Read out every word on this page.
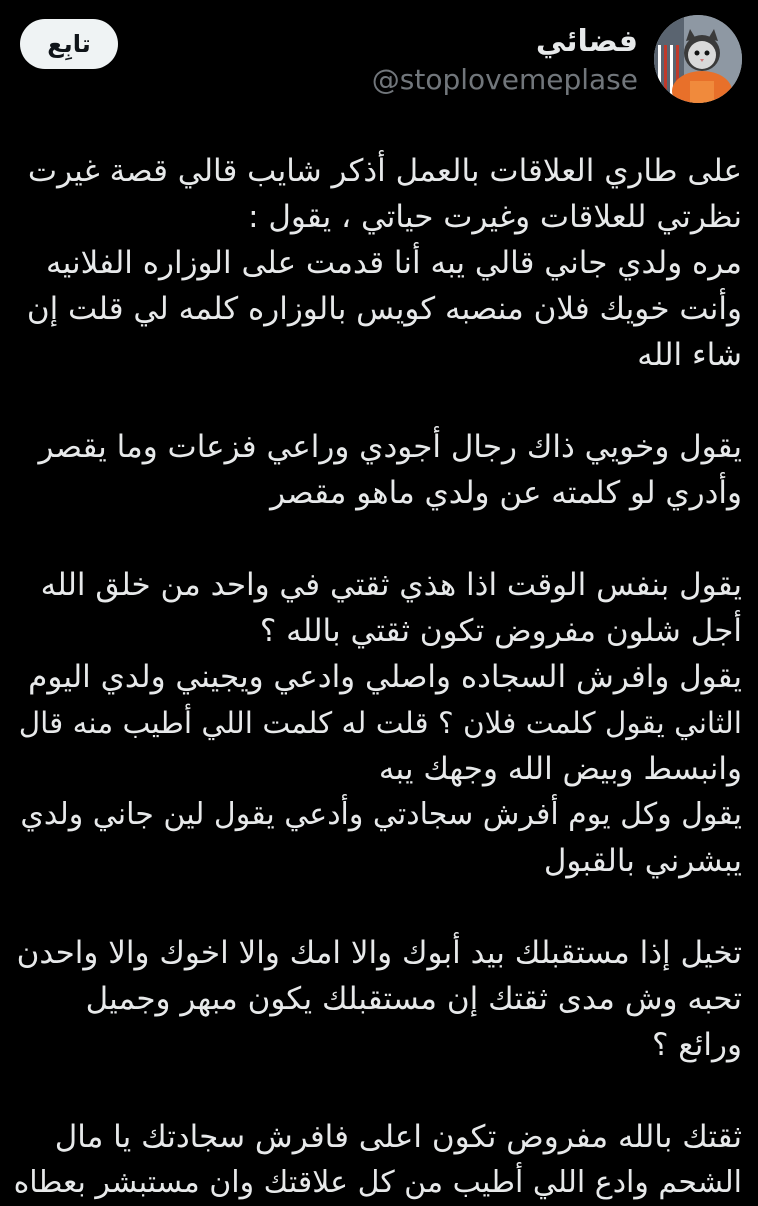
فضائي
@stoplovemeplase
تابِع
على طاري العلاقات بالعمل أذكر شايب قالي قصة غيرت
نظرتي للعلاقات وغيرت حياتي ، يقول :
مره ولدي جاني قالي يبه أنا قدمت على الوزاره الفلانيه
وأنت خويك فلان منصبه كويس بالوزاره كلمه لي قلت إن
شاء الله
يقول وخويي ذاك رجال أجودي وراعي فزعات وما يقصر
وأدري لو كلمته عن ولدي ماهو مقصر
يقول بنفس الوقت اذا هذي ثقتي في واحد من خلق الله
أجل شلون مفروض تكون ثقتي بالله ؟
يقول وافرش السجاده واصلي وادعي ويجيني ولدي اليوم
الثاني يقول كلمت فلان ؟ قلت له كلمت اللي أطيب منه قال
وانبسط وبيض الله وجهك يبه
يقول وكل يوم أفرش سجادتي وأدعي يقول لين جاني ولدي
يبشرني بالقبول
تخيل إذا مستقبلك بيد أبوك والا امك والا اخوك والا واحدن
تحبه وش مدى ثقتك إن مستقبلك يكون مبهر وجميل
ورائع ؟
ثقتك بالله مفروض تكون اعلى فافرش سجادتك يا مال
الشحم وادع اللي أطيب من كل علاقتك وان مستبشر بعطاه
